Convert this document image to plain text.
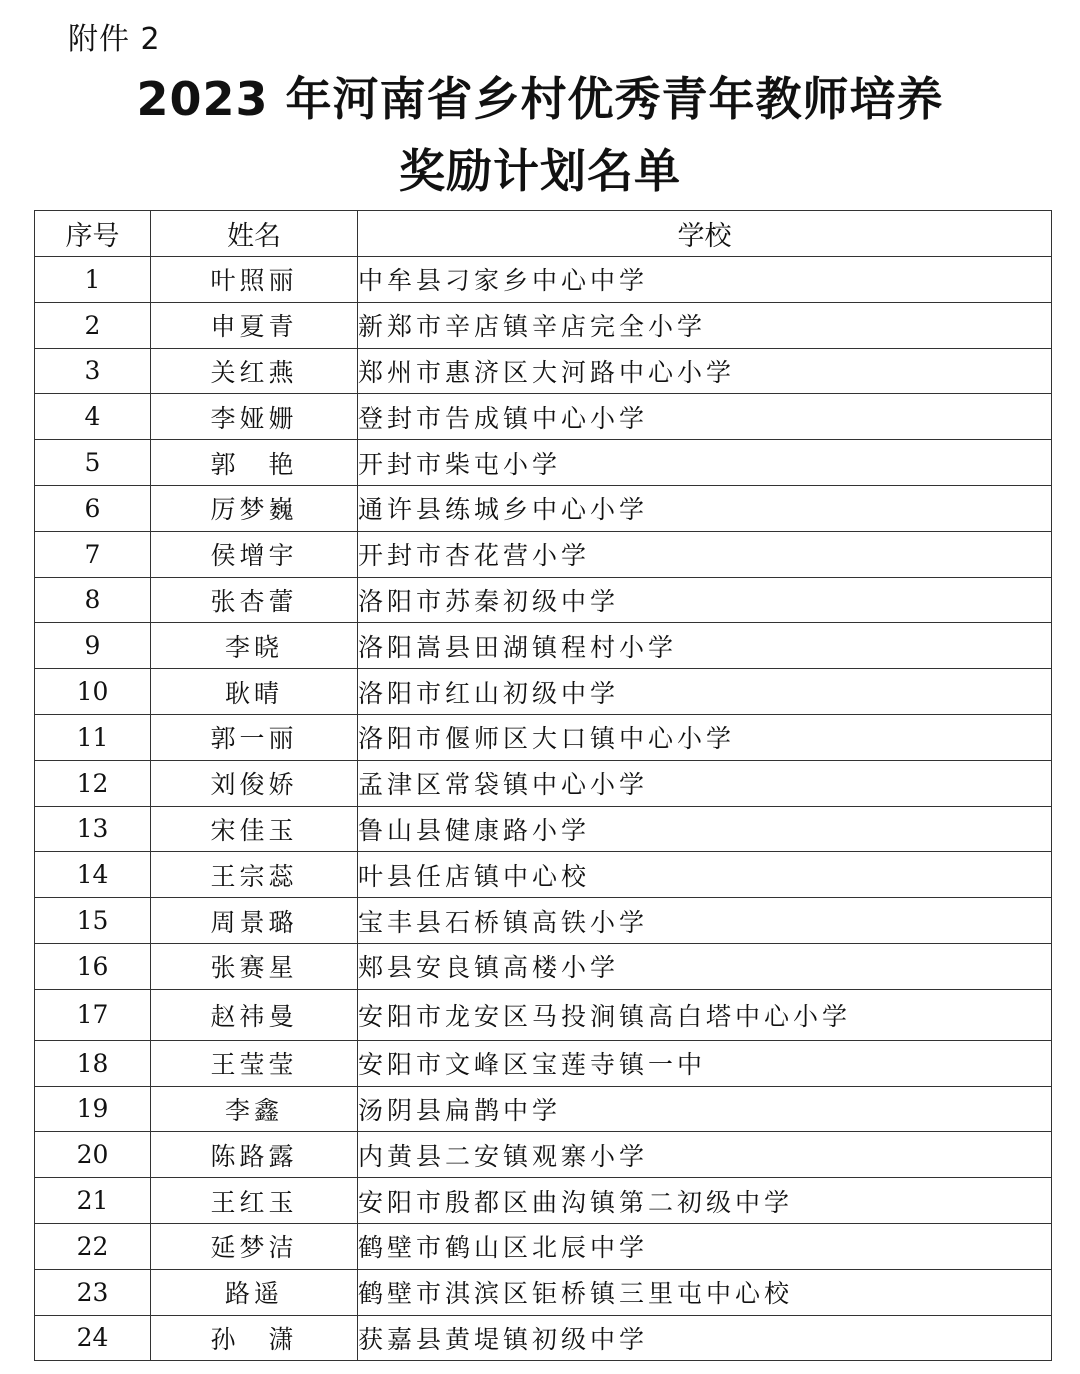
附件 2
2023 年河南省乡村优秀青年教师培养
奖励计划名单
序号	姓名	学校
1	叶照丽	中牟县刁家乡中心中学
2	申夏青	新郑市辛店镇辛店完全小学
3	关红燕	郑州市惠济区大河路中心小学
4	李娅姗	登封市告成镇中心小学
5	郭　艳	开封市柴屯小学
6	厉梦巍	通许县练城乡中心小学
7	侯增宇	开封市杏花营小学
8	张杏蕾	洛阳市苏秦初级中学
9	李晓	洛阳嵩县田湖镇程村小学
10	耿晴	洛阳市红山初级中学
11	郭一丽	洛阳市偃师区大口镇中心小学
12	刘俊娇	孟津区常袋镇中心小学
13	宋佳玉	鲁山县健康路小学
14	王宗蕊	叶县任店镇中心校
15	周景璐	宝丰县石桥镇高铁小学
16	张赛星	郏县安良镇高楼小学
17	赵祎曼	安阳市龙安区马投涧镇高白塔中心小学
18	王莹莹	安阳市文峰区宝莲寺镇一中
19	李鑫	汤阴县扁鹊中学
20	陈路露	内黄县二安镇观寨小学
21	王红玉	安阳市殷都区曲沟镇第二初级中学
22	延梦洁	鹤壁市鹤山区北辰中学
23	路遥	鹤壁市淇滨区钜桥镇三里屯中心校
24	孙　潇	获嘉县黄堤镇初级中学
